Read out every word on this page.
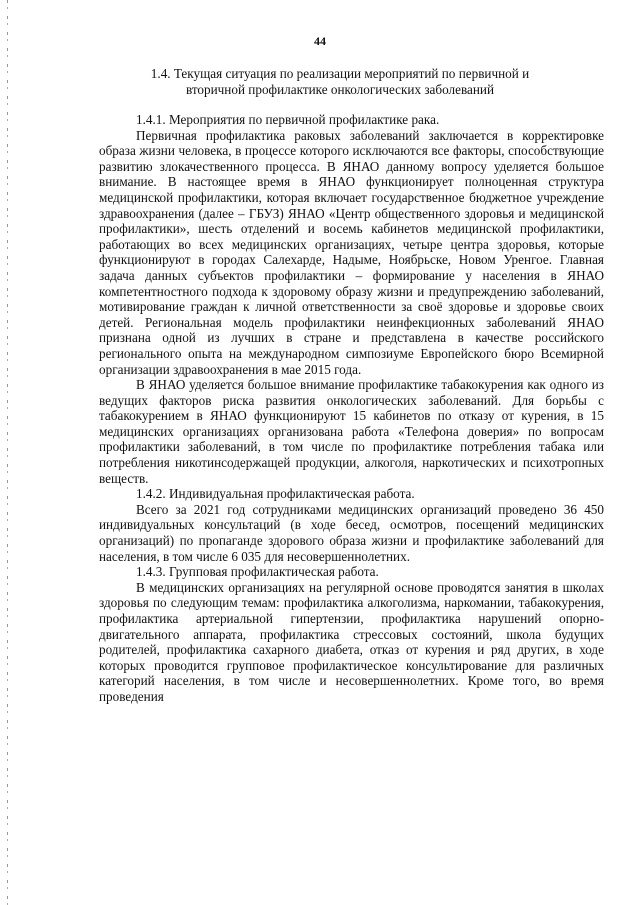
44
1.4. Текущая ситуация по реализации мероприятий по первичной и вторичной профилактике онкологических заболеваний

1.4.1. Мероприятия по первичной профилактике рака.

Первичная профилактика раковых заболеваний заключается в корректировке образа жизни человека, в процессе которого исключаются все факторы, способствующие развитию злокачественного процесса. В ЯНАО данному вопросу уделяется большое внимание. В настоящее время в ЯНАО функционирует полноценная структура медицинской профилактики, которая включает государственное бюджетное учреждение здравоохранения (далее – ГБУЗ) ЯНАО «Центр общественного здоровья и медицинской профилактики», шесть отделений и восемь кабинетов медицинской профилактики, работающих во всех медицинских организациях, четыре центра здоровья, которые функционируют в городах Салехарде, Надыме, Ноябрьске, Новом Уренгое. Главная задача данных субъектов профилактики – формирование у населения в ЯНАО компетентностного подхода к здоровому образу жизни и предупреждению заболеваний, мотивирование граждан к личной ответственности за своё здоровье и здоровье своих детей. Региональная модель профилактики неинфекционных заболеваний ЯНАО признана одной из лучших в стране и представлена в качестве российского регионального опыта на международном симпозиуме Европейского бюро Всемирной организации здравоохранения в мае 2015 года.

В ЯНАО уделяется большое внимание профилактике табакокурения как одного из ведущих факторов риска развития онкологических заболеваний. Для борьбы с табакокурением в ЯНАО функционируют 15 кабинетов по отказу от курения, в 15 медицинских организациях организована работа «Телефона доверия» по вопросам профилактики заболеваний, в том числе по профилактике потребления табака или потребления никотинсодержащей продукции, алкоголя, наркотических и психотропных веществ.

1.4.2. Индивидуальная профилактическая работа.

Всего за 2021 год сотрудниками медицинских организаций проведено 36 450 индивидуальных консультаций (в ходе бесед, осмотров, посещений медицинских организаций) по пропаганде здорового образа жизни и профилактике заболеваний для населения, в том числе 6 035 для несовершеннолетних.

1.4.3. Групповая профилактическая работа.

В медицинских организациях на регулярной основе проводятся занятия в школах здоровья по следующим темам: профилактика алкоголизма, наркомании, табакокурения, профилактика артериальной гипертензии, профилактика нарушений опорно-двигательного аппарата, профилактика стрессовых состояний, школа будущих родителей, профилактика сахарного диабета, отказ от курения и ряд других, в ходе которых проводится групповое профилактическое консультирование для различных категорий населения, в том числе и несовершеннолетних. Кроме того, во время проведения
